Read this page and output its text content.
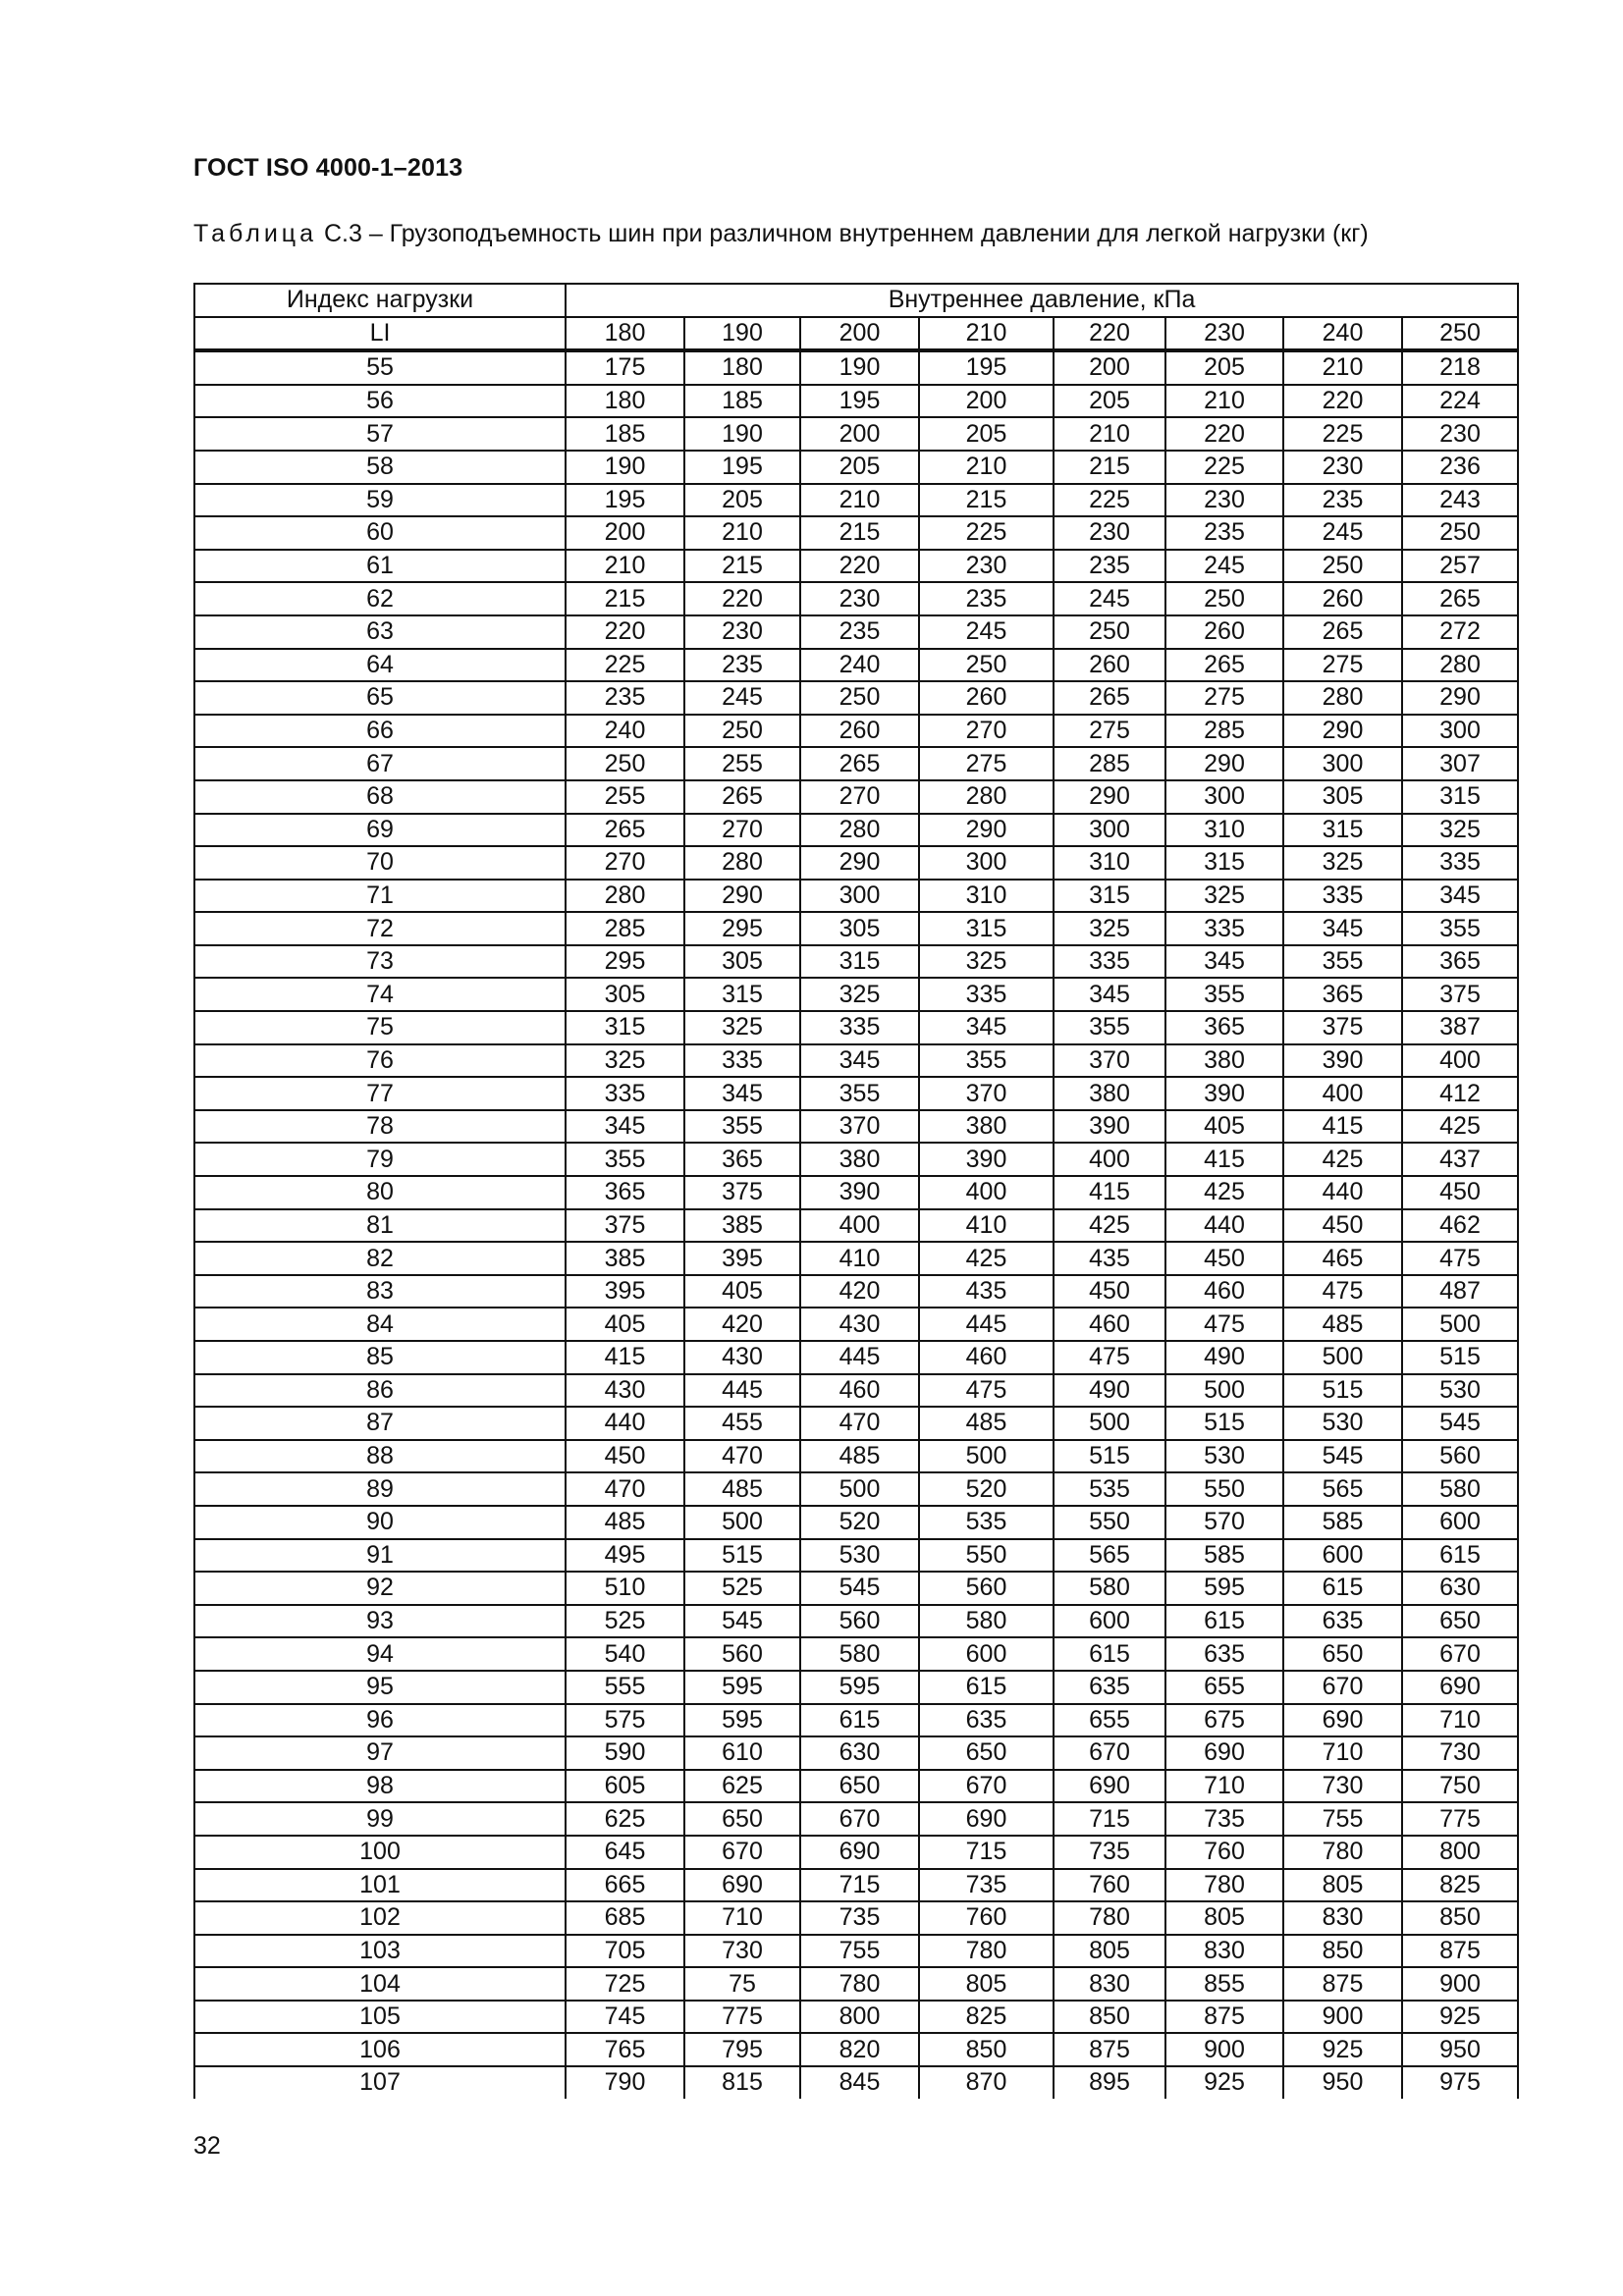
ГОСТ ISO 4000-1–2013
Таблица С.3 – Грузоподъемность шин при различном внутреннем давлении для легкой нагрузки (кг)
Индекс нагрузки	Внутреннее давление, кПа							
LI	180	190	200	210	220	230	240	250
55	175	180	190	195	200	205	210	218
56	180	185	195	200	205	210	220	224
57	185	190	200	205	210	220	225	230
58	190	195	205	210	215	225	230	236
59	195	205	210	215	225	230	235	243
60	200	210	215	225	230	235	245	250
61	210	215	220	230	235	245	250	257
62	215	220	230	235	245	250	260	265
63	220	230	235	245	250	260	265	272
64	225	235	240	250	260	265	275	280
65	235	245	250	260	265	275	280	290
66	240	250	260	270	275	285	290	300
67	250	255	265	275	285	290	300	307
68	255	265	270	280	290	300	305	315
69	265	270	280	290	300	310	315	325
70	270	280	290	300	310	315	325	335
71	280	290	300	310	315	325	335	345
72	285	295	305	315	325	335	345	355
73	295	305	315	325	335	345	355	365
74	305	315	325	335	345	355	365	375
75	315	325	335	345	355	365	375	387
76	325	335	345	355	370	380	390	400
77	335	345	355	370	380	390	400	412
78	345	355	370	380	390	405	415	425
79	355	365	380	390	400	415	425	437
80	365	375	390	400	415	425	440	450
81	375	385	400	410	425	440	450	462
82	385	395	410	425	435	450	465	475
83	395	405	420	435	450	460	475	487
84	405	420	430	445	460	475	485	500
85	415	430	445	460	475	490	500	515
86	430	445	460	475	490	500	515	530
87	440	455	470	485	500	515	530	545
88	450	470	485	500	515	530	545	560
89	470	485	500	520	535	550	565	580
90	485	500	520	535	550	570	585	600
91	495	515	530	550	565	585	600	615
92	510	525	545	560	580	595	615	630
93	525	545	560	580	600	615	635	650
94	540	560	580	600	615	635	650	670
95	555	595	595	615	635	655	670	690
96	575	595	615	635	655	675	690	710
97	590	610	630	650	670	690	710	730
98	605	625	650	670	690	710	730	750
99	625	650	670	690	715	735	755	775
100	645	670	690	715	735	760	780	800
101	665	690	715	735	760	780	805	825
102	685	710	735	760	780	805	830	850
103	705	730	755	780	805	830	850	875
104	725	75	780	805	830	855	875	900
105	745	775	800	825	850	875	900	925
106	765	795	820	850	875	900	925	950
107	790	815	845	870	895	925	950	975
32
